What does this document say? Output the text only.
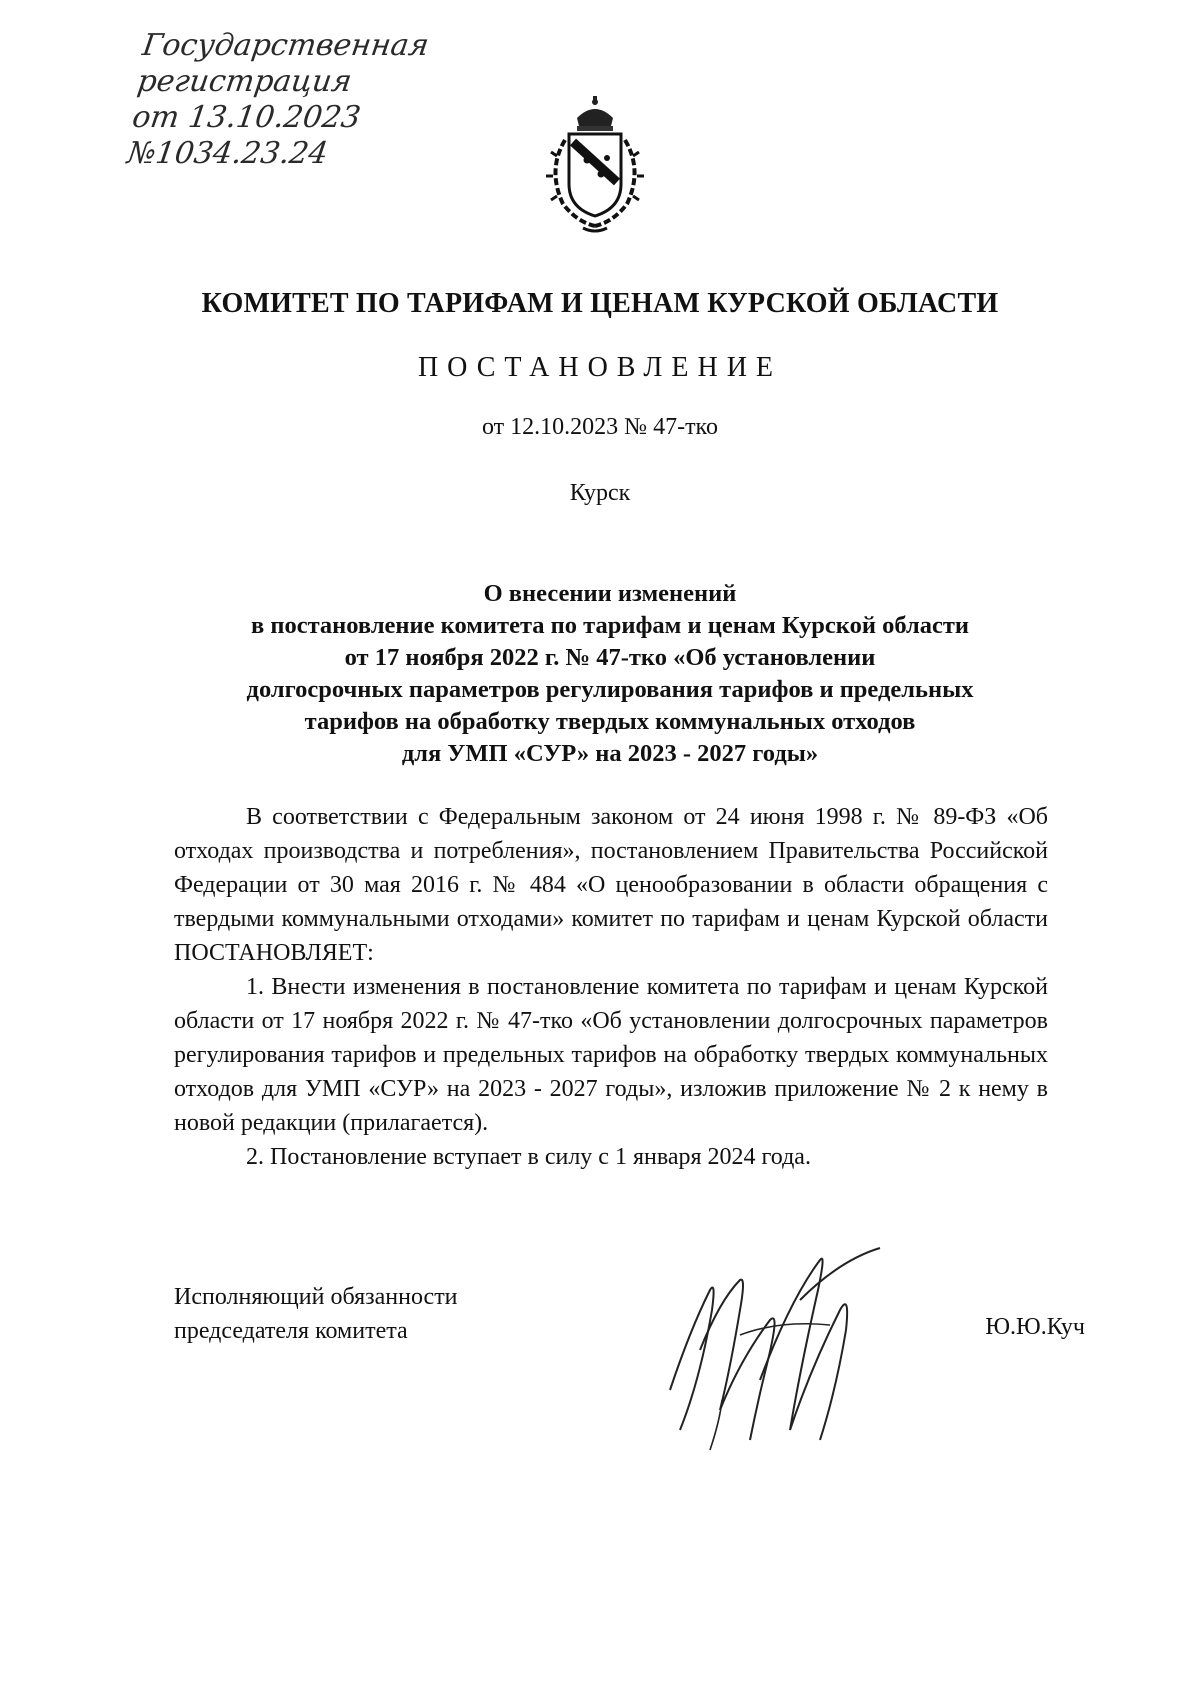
Государственная
регистрация
от 13.10.2023
№1034.23.24
КОМИТЕТ ПО ТАРИФАМ И ЦЕНАМ КУРСКОЙ ОБЛАСТИ
ПОСТАНОВЛЕНИЕ
от 12.10.2023 № 47-тко
Курск
О внесении изменений
в постановление комитета по тарифам и ценам Курской области
от 17 ноября 2022 г. № 47-тко «Об установлении
долгосрочных параметров регулирования тарифов и предельных
тарифов на обработку твердых коммунальных отходов
для УМП «СУР» на 2023 - 2027 годы»

В соответствии с Федеральным законом от 24 июня 1998 г. № 89-ФЗ «Об отходах производства и потребления», постановлением Правительства Российской Федерации от 30 мая 2016 г. № 484 «О ценообразовании в области обращения с твердыми коммунальными отходами» комитет по тарифам и ценам Курской области ПОСТАНОВЛЯЕТ:

1. Внести изменения в постановление комитета по тарифам и ценам Курской области от 17 ноября 2022 г. № 47-тко «Об установлении долгосрочных параметров регулирования тарифов и предельных тарифов на обработку твердых коммунальных отходов для УМП «СУР» на 2023 - 2027 годы», изложив приложение № 2 к нему в новой редакции (прилагается).

2. Постановление вступает в силу с 1 января 2024 года.

Исполняющий обязанности
председателя комитета	Ю.Ю.Куч
